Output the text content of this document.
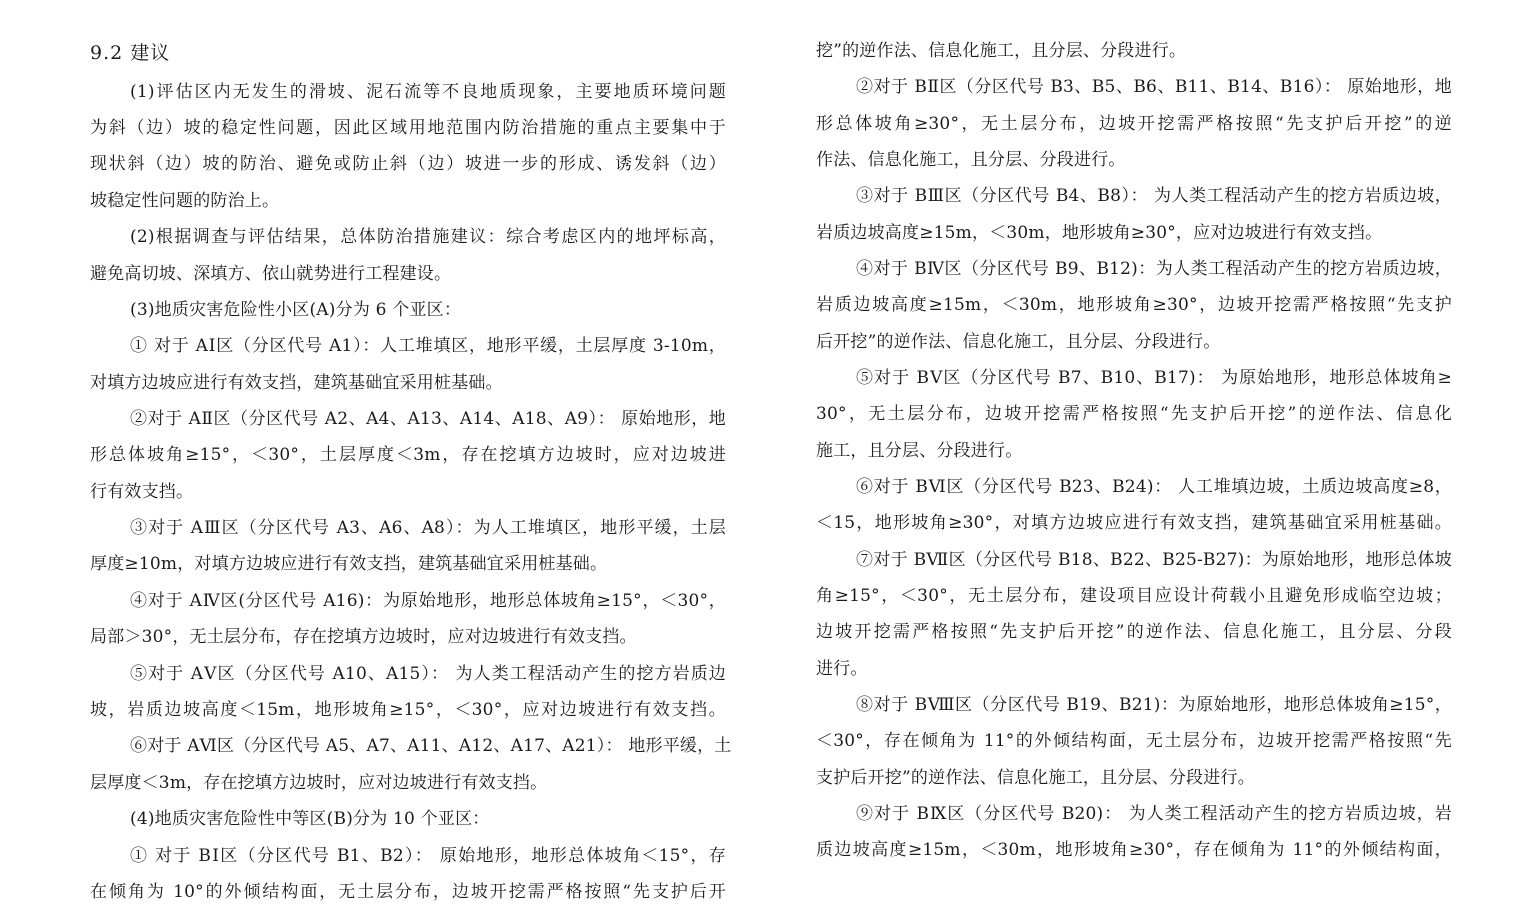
9.2 建议
(1)评估区内无发生的滑坡、泥石流等不良地质现象，主要地质环境问题
为斜（边）坡的稳定性问题，因此区域用地范围内防治措施的重点主要集中于
现状斜（边）坡的防治、避免或防止斜（边）坡进一步的形成、诱发斜（边）
坡稳定性问题的防治上。
(2)根据调查与评估结果，总体防治措施建议：综合考虑区内的地坪标高，
避免高切坡、深填方、依山就势进行工程建设。
(3)地质灾害危险性小区(A)分为 6 个亚区：
① 对于 AⅠ区（分区代号 A1）：人工堆填区，地形平缓，土层厚度 3-10m，
对填方边坡应进行有效支挡，建筑基础宜采用桩基础。
②对于 AⅡ区（分区代号 A2、A4、A13、A14、A18、A9）： 原始地形，地
形总体坡角≥15°，＜30°，土层厚度＜3m，存在挖填方边坡时，应对边坡进
行有效支挡。
③对于 AⅢ区（分区代号 A3、A6、A8）：为人工堆填区，地形平缓，土层
厚度≥10m，对填方边坡应进行有效支挡，建筑基础宜采用桩基础。
④对于 AⅣ区(分区代号 A16)：为原始地形，地形总体坡角≥15°，＜30°，
局部＞30°，无土层分布，存在挖填方边坡时，应对边坡进行有效支挡。
⑤对于 AⅤ区（分区代号 A10、A15）： 为人类工程活动产生的挖方岩质边
坡，岩质边坡高度＜15m，地形坡角≥15°，＜30°，应对边坡进行有效支挡。
⑥对于 AⅥ区（分区代号 A5、A7、A11、A12、A17、A21）： 地形平缓，土
层厚度＜3m，存在挖填方边坡时，应对边坡进行有效支挡。
(4)地质灾害危险性中等区(B)分为 10 个亚区：
① 对于 BⅠ区（分区代号 B1、B2）： 原始地形，地形总体坡角＜15°，存
在倾角为 10°的外倾结构面，无土层分布，边坡开挖需严格按照“先支护后开
挖”的逆作法、信息化施工，且分层、分段进行。
②对于 BⅡ区（分区代号 B3、B5、B6、B11、B14、B16）： 原始地形，地
形总体坡角≥30°，无土层分布，边坡开挖需严格按照“先支护后开挖”的逆
作法、信息化施工，且分层、分段进行。
③对于 BⅢ区（分区代号 B4、B8）： 为人类工程活动产生的挖方岩质边坡，
岩质边坡高度≥15m，＜30m，地形坡角≥30°，应对边坡进行有效支挡。
④对于 BⅣ区（分区代号 B9、B12)：为人类工程活动产生的挖方岩质边坡，
岩质边坡高度≥15m，＜30m，地形坡角≥30°，边坡开挖需严格按照“先支护
后开挖”的逆作法、信息化施工，且分层、分段进行。
⑤对于 BⅤ区（分区代号 B7、B10、B17)： 为原始地形，地形总体坡角≥
30°，无土层分布，边坡开挖需严格按照“先支护后开挖”的逆作法、信息化
施工，且分层、分段进行。
⑥对于 BⅥ区（分区代号 B23、B24)： 人工堆填边坡，土质边坡高度≥8，
＜15，地形坡角≥30°，对填方边坡应进行有效支挡，建筑基础宜采用桩基础。
⑦对于 BⅦ区（分区代号 B18、B22、B25-B27)：为原始地形，地形总体坡
角≥15°，＜30°，无土层分布，建设项目应设计荷载小且避免形成临空边坡；
边坡开挖需严格按照“先支护后开挖”的逆作法、信息化施工，且分层、分段
进行。
⑧对于 BⅧ区（分区代号 B19、B21)：为原始地形，地形总体坡角≥15°，
＜30°，存在倾角为 11°的外倾结构面，无土层分布，边坡开挖需严格按照“先
支护后开挖”的逆作法、信息化施工，且分层、分段进行。
⑨对于 BⅨ区（分区代号 B20)： 为人类工程活动产生的挖方岩质边坡，岩
质边坡高度≥15m，＜30m，地形坡角≥30°，存在倾角为 11°的外倾结构面，
